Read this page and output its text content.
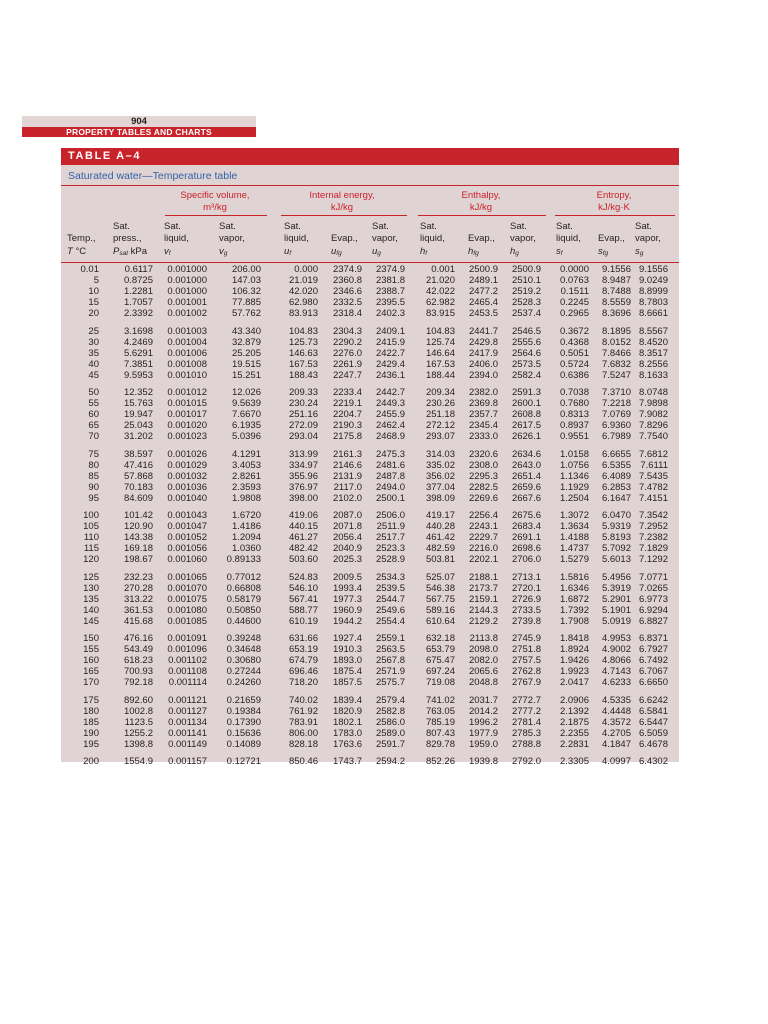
904
PROPERTY TABLES AND CHARTS
TABLE A–4
Saturated water—Temperature table
Specific volume,
m³/kg
Internal energy,
kJ/kg
Enthalpy,
kJ/kg
Entropy,
kJ/kg·K
Temp.,
T °C
Sat.
press.,
$P_{sat}$ kPa
Sat.
liquid,
$v_f$
Sat.
vapor,
$v_g$
Sat.
liquid,
$u_f$
Evap.,
$u_{fg}$
Sat.
vapor,
$u_g$
Sat.
liquid,
$h_f$
Evap.,
$h_{fg}$
Sat.
vapor,
$h_g$
Sat.
liquid,
$s_f$
Evap.,
$s_{fg}$
Sat.
vapor,
$s_g$
0.01	0.6117 0.001000	206.00	0.000 2374.9 2374.9	0.001 2500.9 2500.9 0.0000 9.1556 9.1556
5	0.8725 0.001000	147.03	21.019 2360.8 2381.8 21.020 2489.1 2510.1 0.0763 8.9487 9.0249
10	1.2281 0.001000	106.32	42.020 2346.6 2388.7 42.022 2477.2 2519.2 0.1511 8.7488 8.8999
15	1.7057 0.001001	77.885	62.980 2332.5 2395.5 62.982 2465.4 2528.3 0.2245 8.5559 8.7803
20	2.3392 0.001002	57.762	83.913 2318.4 2402.3 83.915 2453.5 2537.4 0.2965 8.3696 8.6661
25	3.1698 0.001003	43.340	104.83 2304.3 2409.1 104.83 2441.7 2546.5 0.3672 8.1895 8.5567
30	4.2469 0.001004	32.879	125.73 2290.2 2415.9 125.74 2429.8 2555.6 0.4368 8.0152 8.4520
35	5.6291 0.001006	25.205	146.63 2276.0 2422.7 146.64 2417.9 2564.6 0.5051 7.8466 8.3517
40	7.3851 0.001008	19.515	167.53 2261.9 2429.4 167.53 2406.0 2573.5 0.5724 7.6832 8.2556
45	9.5953 0.001010	15.251	188.43 2247.7 2436.1 188.44 2394.0 2582.4 0.6386 7.5247 8.1633
50	12.352 0.001012	12.026	209.33 2233.4 2442.7 209.34 2382.0 2591.3 0.7038 7.3710 8.0748
55	15.763 0.001015	9.5639	230.24 2219.1 2449.3 230.26 2369.8 2600.1 0.7680 7.2218 7.9898
60	19.947 0.001017	7.6670	251.16 2204.7 2455.9 251.18 2357.7 2608.8 0.8313 7.0769 7.9082
65	25.043 0.001020	6.1935	272.09 2190.3 2462.4 272.12 2345.4 2617.5 0.8937 6.9360 7.8296
70	31.202 0.001023	5.0396	293.04 2175.8 2468.9 293.07 2333.0 2626.1 0.9551 6.7989 7.7540
75	38.597 0.001026	4.1291	313.99 2161.3 2475.3 314.03 2320.6 2634.6 1.0158 6.6655 7.6812
80	47.416 0.001029	3.4053	334.97 2146.6 2481.6 335.02 2308.0 2643.0 1.0756 6.5355 7.6111
85	57.868 0.001032	2.8261	355.96 2131.9 2487.8 356.02 2295.3 2651.4 1.1346 6.4089 7.5435
90	70.183 0.001036	2.3593	376.97 2117.0 2494.0 377.04 2282.5 2659.6 1.1929 6.2853 7.4782
95	84.609 0.001040	1.9808	398.00 2102.0 2500.1 398.09 2269.6 2667.6 1.2504 6.1647 7.4151
100	101.42 0.001043	1.6720	419.06 2087.0 2506.0 419.17 2256.4 2675.6 1.3072 6.0470 7.3542
105	120.90 0.001047	1.4186	440.15 2071.8 2511.9 440.28 2243.1 2683.4 1.3634 5.9319 7.2952
110	143.38 0.001052	1.2094	461.27 2056.4 2517.7 461.42 2229.7 2691.1 1.4188 5.8193 7.2382
115	169.18 0.001056	1.0360	482.42 2040.9 2523.3 482.59 2216.0 2698.6 1.4737 5.7092 7.1829
120	198.67 0.001060 0.89133	503.60 2025.3 2528.9 503.81 2202.1 2706.0 1.5279 5.6013 7.1292
125	232.23 0.001065 0.77012	524.83 2009.5 2534.3 525.07 2188.1 2713.1 1.5816 5.4956 7.0771
130	270.28 0.001070 0.66808	546.10 1993.4 2539.5 546.38 2173.7 2720.1 1.6346 5.3919 7.0265
135	313.22 0.001075 0.58179	567.41 1977.3 2544.7 567.75 2159.1 2726.9 1.6872 5.2901 6.9773
140	361.53 0.001080 0.50850	588.77 1960.9 2549.6 589.16 2144.3 2733.5 1.7392 5.1901 6.9294
145	415.68 0.001085 0.44600	610.19 1944.2 2554.4 610.64 2129.2 2739.8 1.7908 5.0919 6.8827
150	476.16 0.001091 0.39248	631.66 1927.4 2559.1 632.18 2113.8 2745.9 1.8418 4.9953 6.8371
155	543.49 0.001096 0.34648	653.19 1910.3 2563.5 653.79 2098.0 2751.8 1.8924 4.9002 6.7927
160	618.23 0.001102 0.30680	674.79 1893.0 2567.8 675.47 2082.0 2757.5 1.9426 4.8066 6.7492
165	700.93 0.001108 0.27244	696.46 1875.4 2571.9 697.24 2065.6 2762.8 1.9923 4.7143 6.7067
170	792.18 0.001114 0.24260	718.20 1857.5 2575.7 719.08 2048.8 2767.9 2.0417 4.6233 6.6650
175	892.60 0.001121 0.21659	740.02 1839.4 2579.4 741.02 2031.7 2772.7 2.0906 4.5335 6.6242
180	1002.8 0.001127 0.19384	761.92 1820.9 2582.8 763.05 2014.2 2777.2 2.1392 4.4448 6.5841
185	1123.5 0.001134 0.17390	783.91 1802.1 2586.0 785.19 1996.2 2781.4 2.1875 4.3572 6.5447
190	1255.2 0.001141 0.15636	806.00 1783.0 2589.0 807.43 1977.9 2785.3 2.2355 4.2705 6.5059
195	1398.8 0.001149 0.14089	828.18 1763.6 2591.7 829.78 1959.0 2788.8 2.2831 4.1847 6.4678
200	1554.9 0.001157 0.12721	850.46 1743.7 2594.2 852.26 1939.8 2792.0 2.3305 4.0997 6.4302
